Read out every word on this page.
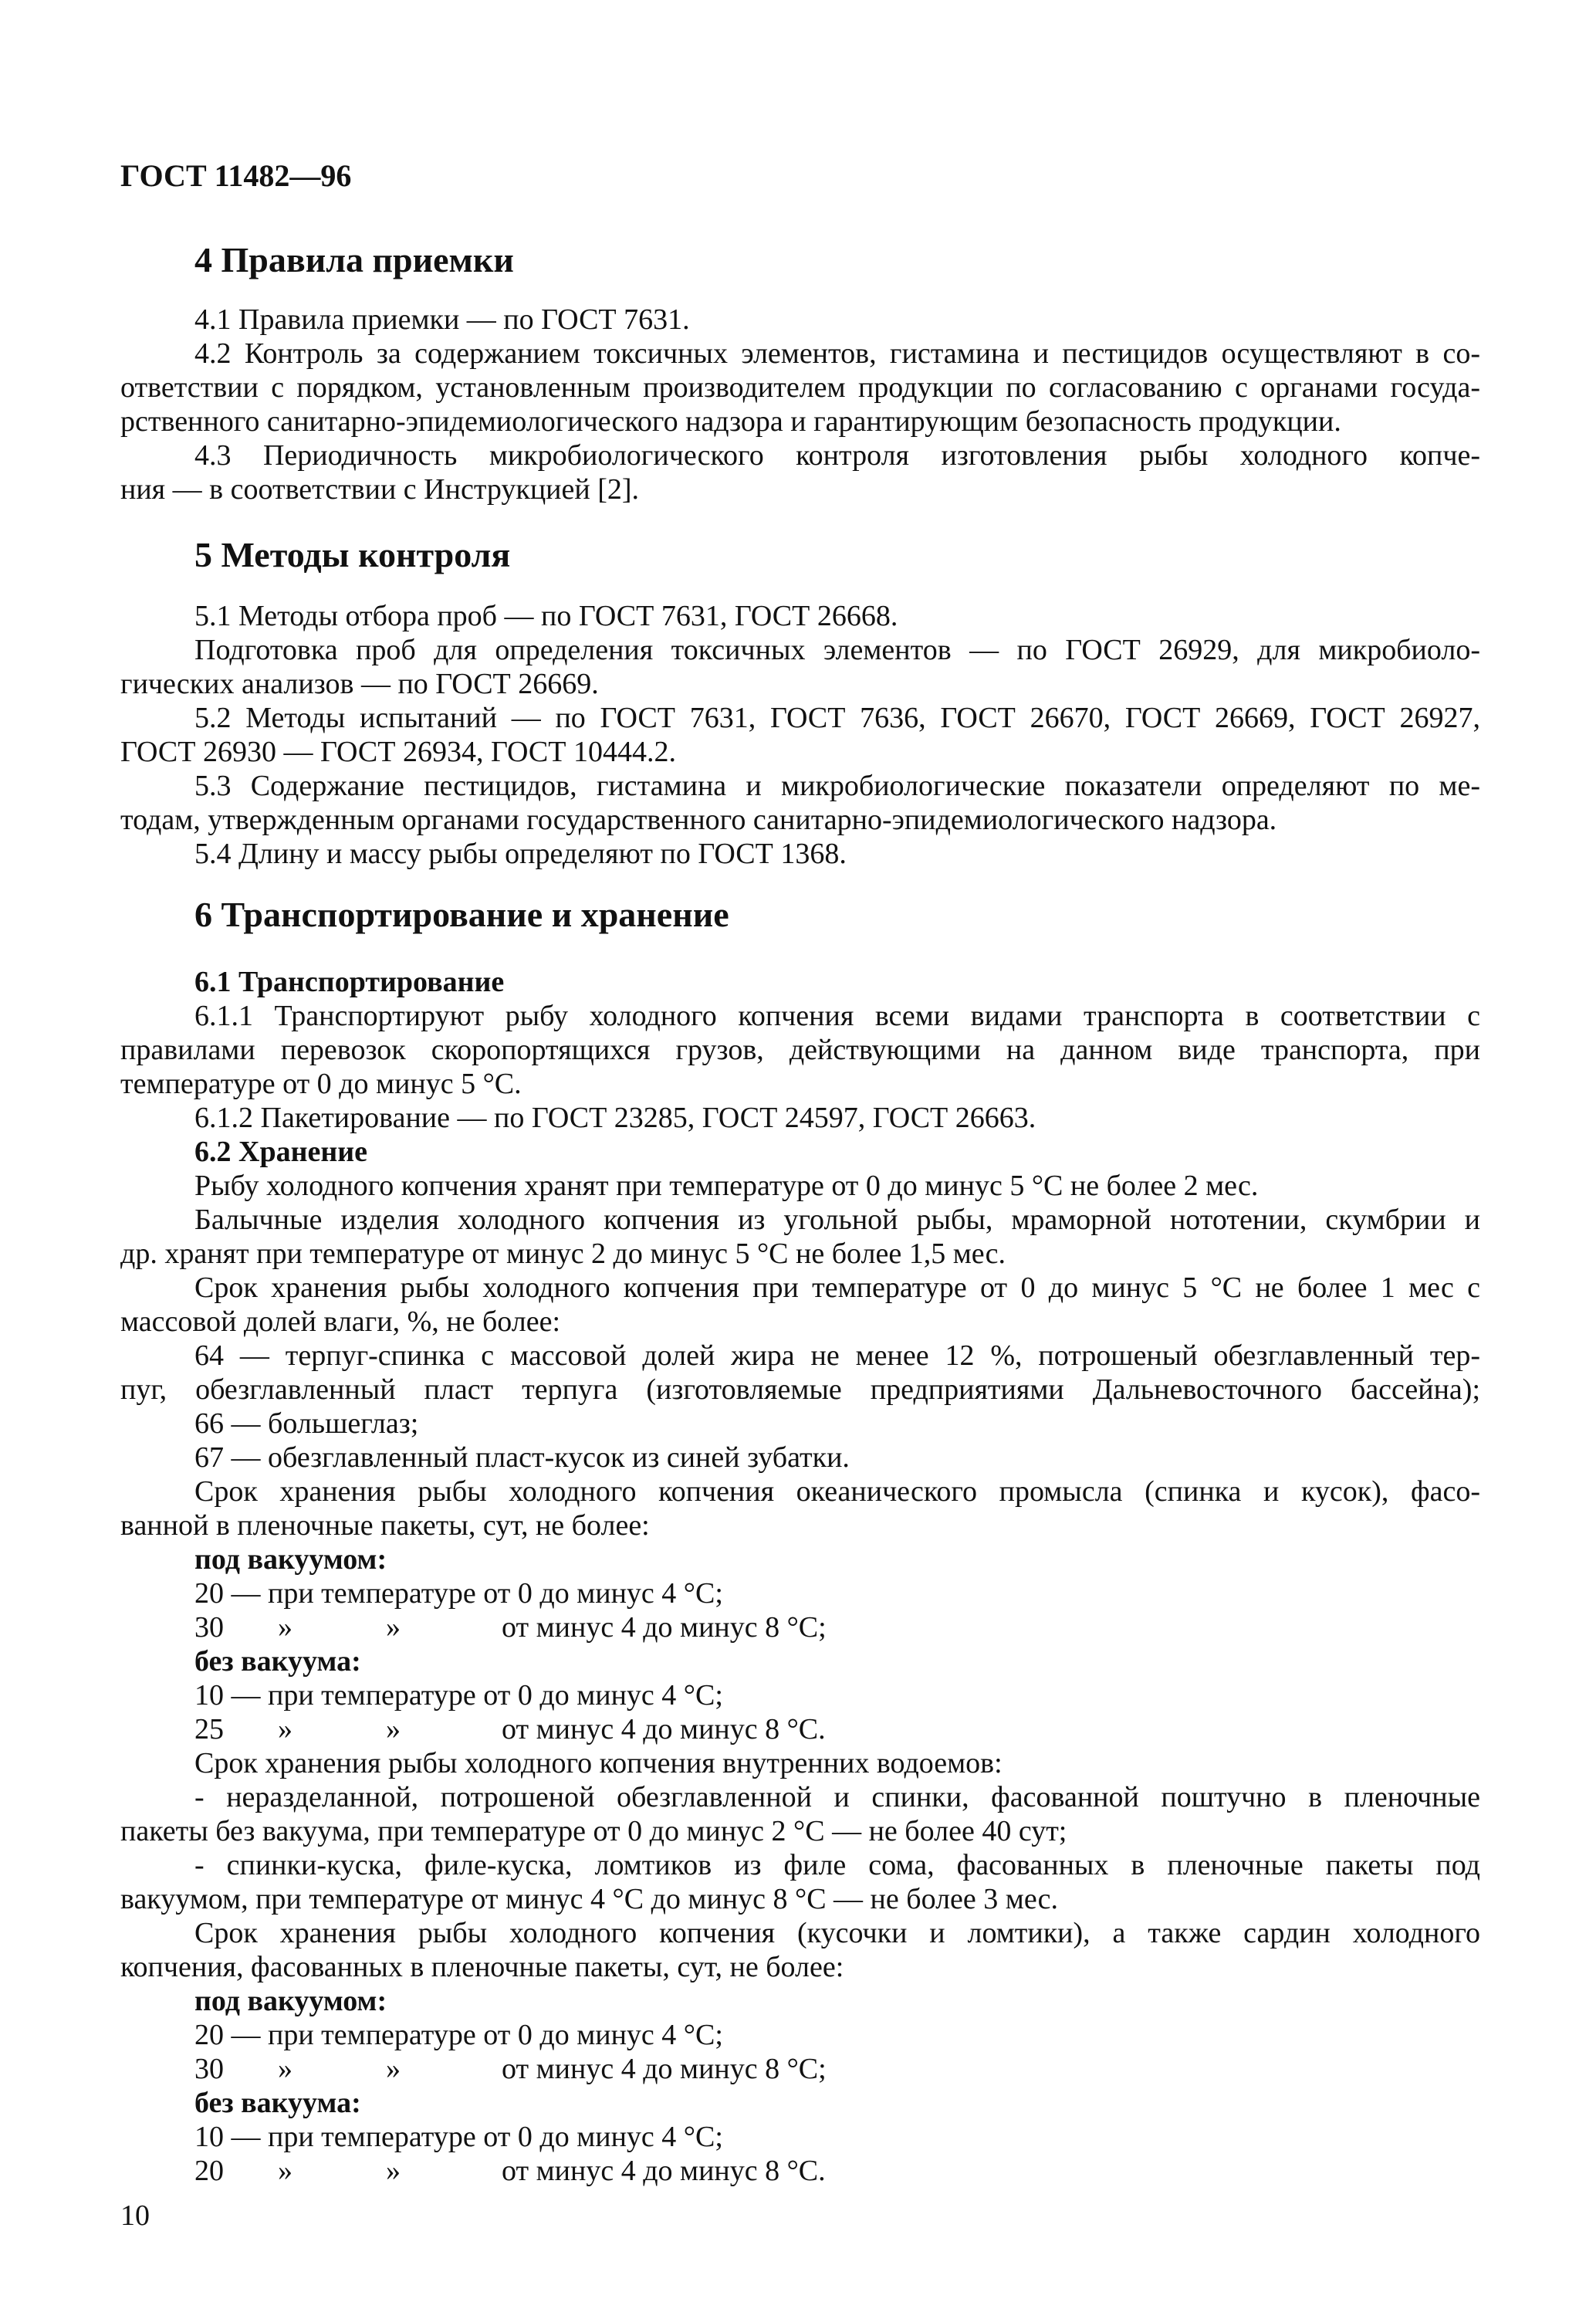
ГОСТ 11482—96
4 Правила приемки
4.1 Правила приемки — по ГОСТ 7631.
4.2 Контроль за содержанием токсичных элементов, гистамина и пестицидов осуществляют в со-
ответствии с порядком, установленным производителем продукции по согласованию с органами госуда-
рственного санитарно-эпидемиологического надзора и гарантирующим безопасность продукции.
4.3 Периодичность микробиологического контроля изготовления рыбы холодного копче-
ния — в соответствии с Инструкцией [2].
5 Методы контроля
5.1 Методы отбора проб — по ГОСТ 7631, ГОСТ 26668.
Подготовка проб для определения токсичных элементов — по ГОСТ 26929, для микробиоло-
гических анализов — по ГОСТ 26669.
5.2 Методы испытаний — по ГОСТ 7631, ГОСТ 7636, ГОСТ 26670, ГОСТ 26669, ГОСТ 26927,
ГОСТ 26930 — ГОСТ 26934, ГОСТ 10444.2.
5.3 Содержание пестицидов, гистамина и микробиологические показатели определяют по ме-
тодам, утвержденным органами государственного санитарно-эпидемиологического надзора.
5.4 Длину и массу рыбы определяют по ГОСТ 1368.
6 Транспортирование и хранение
6.1 Транспортирование
6.1.1 Транспортируют рыбу холодного копчения всеми видами транспорта в соответствии с
правилами перевозок скоропортящихся грузов, действующими на данном виде транспорта, при
температуре от 0 до минус 5 °С.
6.1.2 Пакетирование — по ГОСТ 23285, ГОСТ 24597, ГОСТ 26663.
6.2 Хранение
Рыбу холодного копчения хранят при температуре от 0 до минус 5 °С не более 2 мес.
Балычные изделия холодного копчения из угольной рыбы, мраморной нототении, скумбрии и
др. хранят при температуре от минус 2 до минус 5 °С не более 1,5 мес.
Срок хранения рыбы холодного копчения при температуре от 0 до минус 5 °С не более 1 мес с
массовой долей влаги, %, не более:
64 — терпуг-спинка с массовой долей жира не менее 12 %, потрошеный обезглавленный тер-
пуг, обезглавленный пласт терпуга (изготовляемые предприятиями Дальневосточного бассейна);
66 — большеглаз;
67 — обезглавленный пласт-кусок из синей зубатки.
Срок хранения рыбы холодного копчения океанического промысла (спинка и кусок), фасо-
ванной в пленочные пакеты, сут, не более:
под вакуумом:
20 — при температуре от 0 до минус 4 °С;
30	»	»	от минус 4 до минус 8 °С;
без вакуума:
10 — при температуре от 0 до минус 4 °С;
25	»	»	от минус 4 до минус 8 °С.
Срок хранения рыбы холодного копчения внутренних водоемов:
- неразделанной, потрошеной обезглавленной и спинки, фасованной поштучно в пленочные
пакеты без вакуума, при температуре от 0 до минус 2 °С — не более 40 сут;
- спинки-куска, филе-куска, ломтиков из филе сома, фасованных в пленочные пакеты под
вакуумом, при температуре от минус 4 °С до минус 8 °С — не более 3 мес.
Срок хранения рыбы холодного копчения (кусочки и ломтики), а также сардин холодного
копчения, фасованных в пленочные пакеты, сут, не более:
под вакуумом:
20 — при температуре от 0 до минус 4 °С;
30	»	»	от минус 4 до минус 8 °С;
без вакуума:
10 — при температуре от 0 до минус 4 °С;
20	»	»	от минус 4 до минус 8 °С.
10
